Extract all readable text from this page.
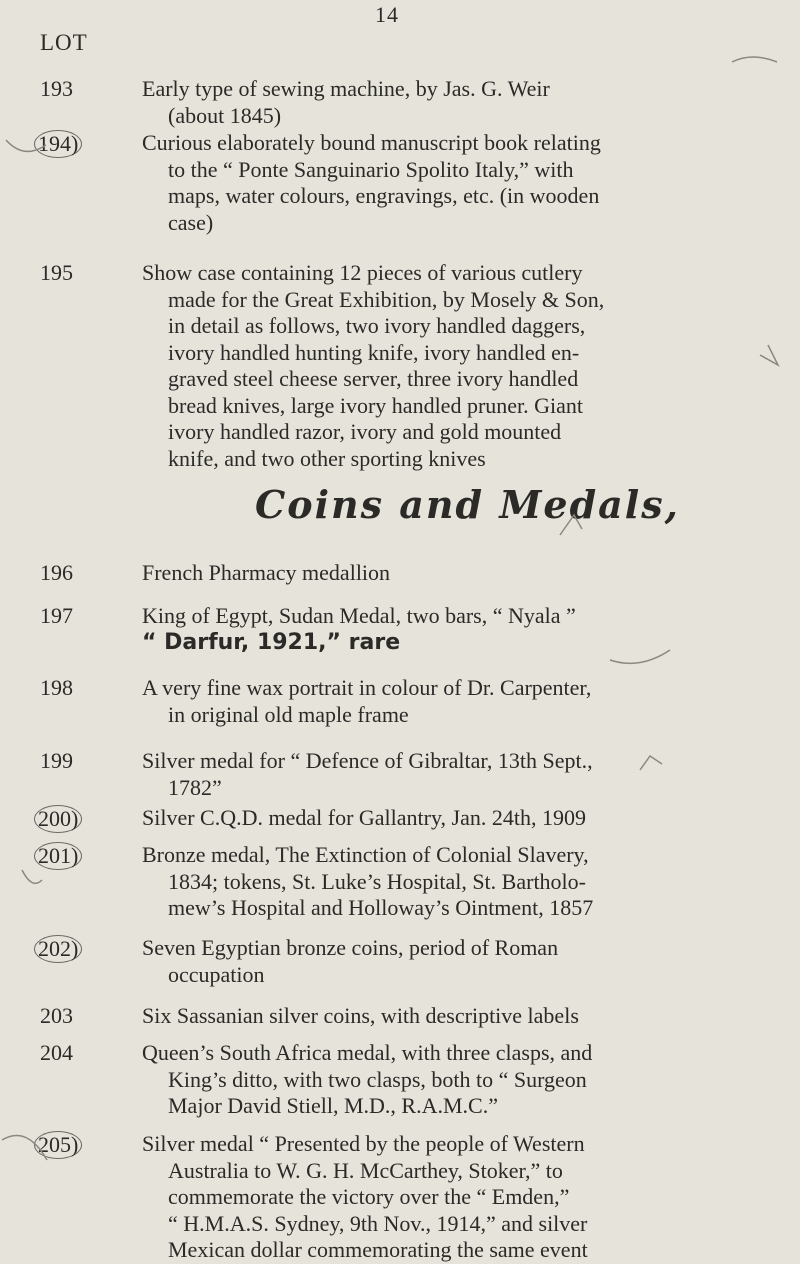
14
LOT
193	Early type of sewing machine, by Jas. G. Weir

(about 1845)

194)	Curious elaborately bound manuscript book relating

to the “ Ponte Sanguinario Spolito Italy,” with

maps, water colours, engravings, etc. (in wooden

case)

195	Show case containing 12 pieces of various cutlery

made for the Great Exhibition, by Mosely & Son,

in detail as follows, two ivory handled daggers,

ivory handled hunting knife, ivory handled en-

graved steel cheese server, three ivory handled

bread knives, large ivory handled pruner. Giant

ivory handled razor, ivory and gold mounted

knife, and two other sporting knives

Coins and Medals,
196	French Pharmacy medallion

197	King of Egypt, Sudan Medal, two bars, “ Nyala ”

“ Darfur, 1921,” rare

198	A very fine wax portrait in colour of Dr. Carpenter,

in original old maple frame

199	Silver medal for “ Defence of Gibraltar, 13th Sept.,

1782”

200)	Silver C.Q.D. medal for Gallantry, Jan. 24th, 1909

201)	Bronze medal, The Extinction of Colonial Slavery,

1834; tokens, St. Luke’s Hospital, St. Bartholo-

mew’s Hospital and Holloway’s Ointment, 1857

202)	Seven Egyptian bronze coins, period of Roman

occupation

203	Six Sassanian silver coins, with descriptive labels

204	Queen’s South Africa medal, with three clasps, and

King’s ditto, with two clasps, both to “ Surgeon

Major David Stiell, M.D., R.A.M.C.”

205)	Silver medal “ Presented by the people of Western

Australia to W. G. H. McCarthey, Stoker,” to

commemorate the victory over the “ Emden,”

“ H.M.A.S. Sydney, 9th Nov., 1914,” and silver

Mexican dollar commemorating the same event
